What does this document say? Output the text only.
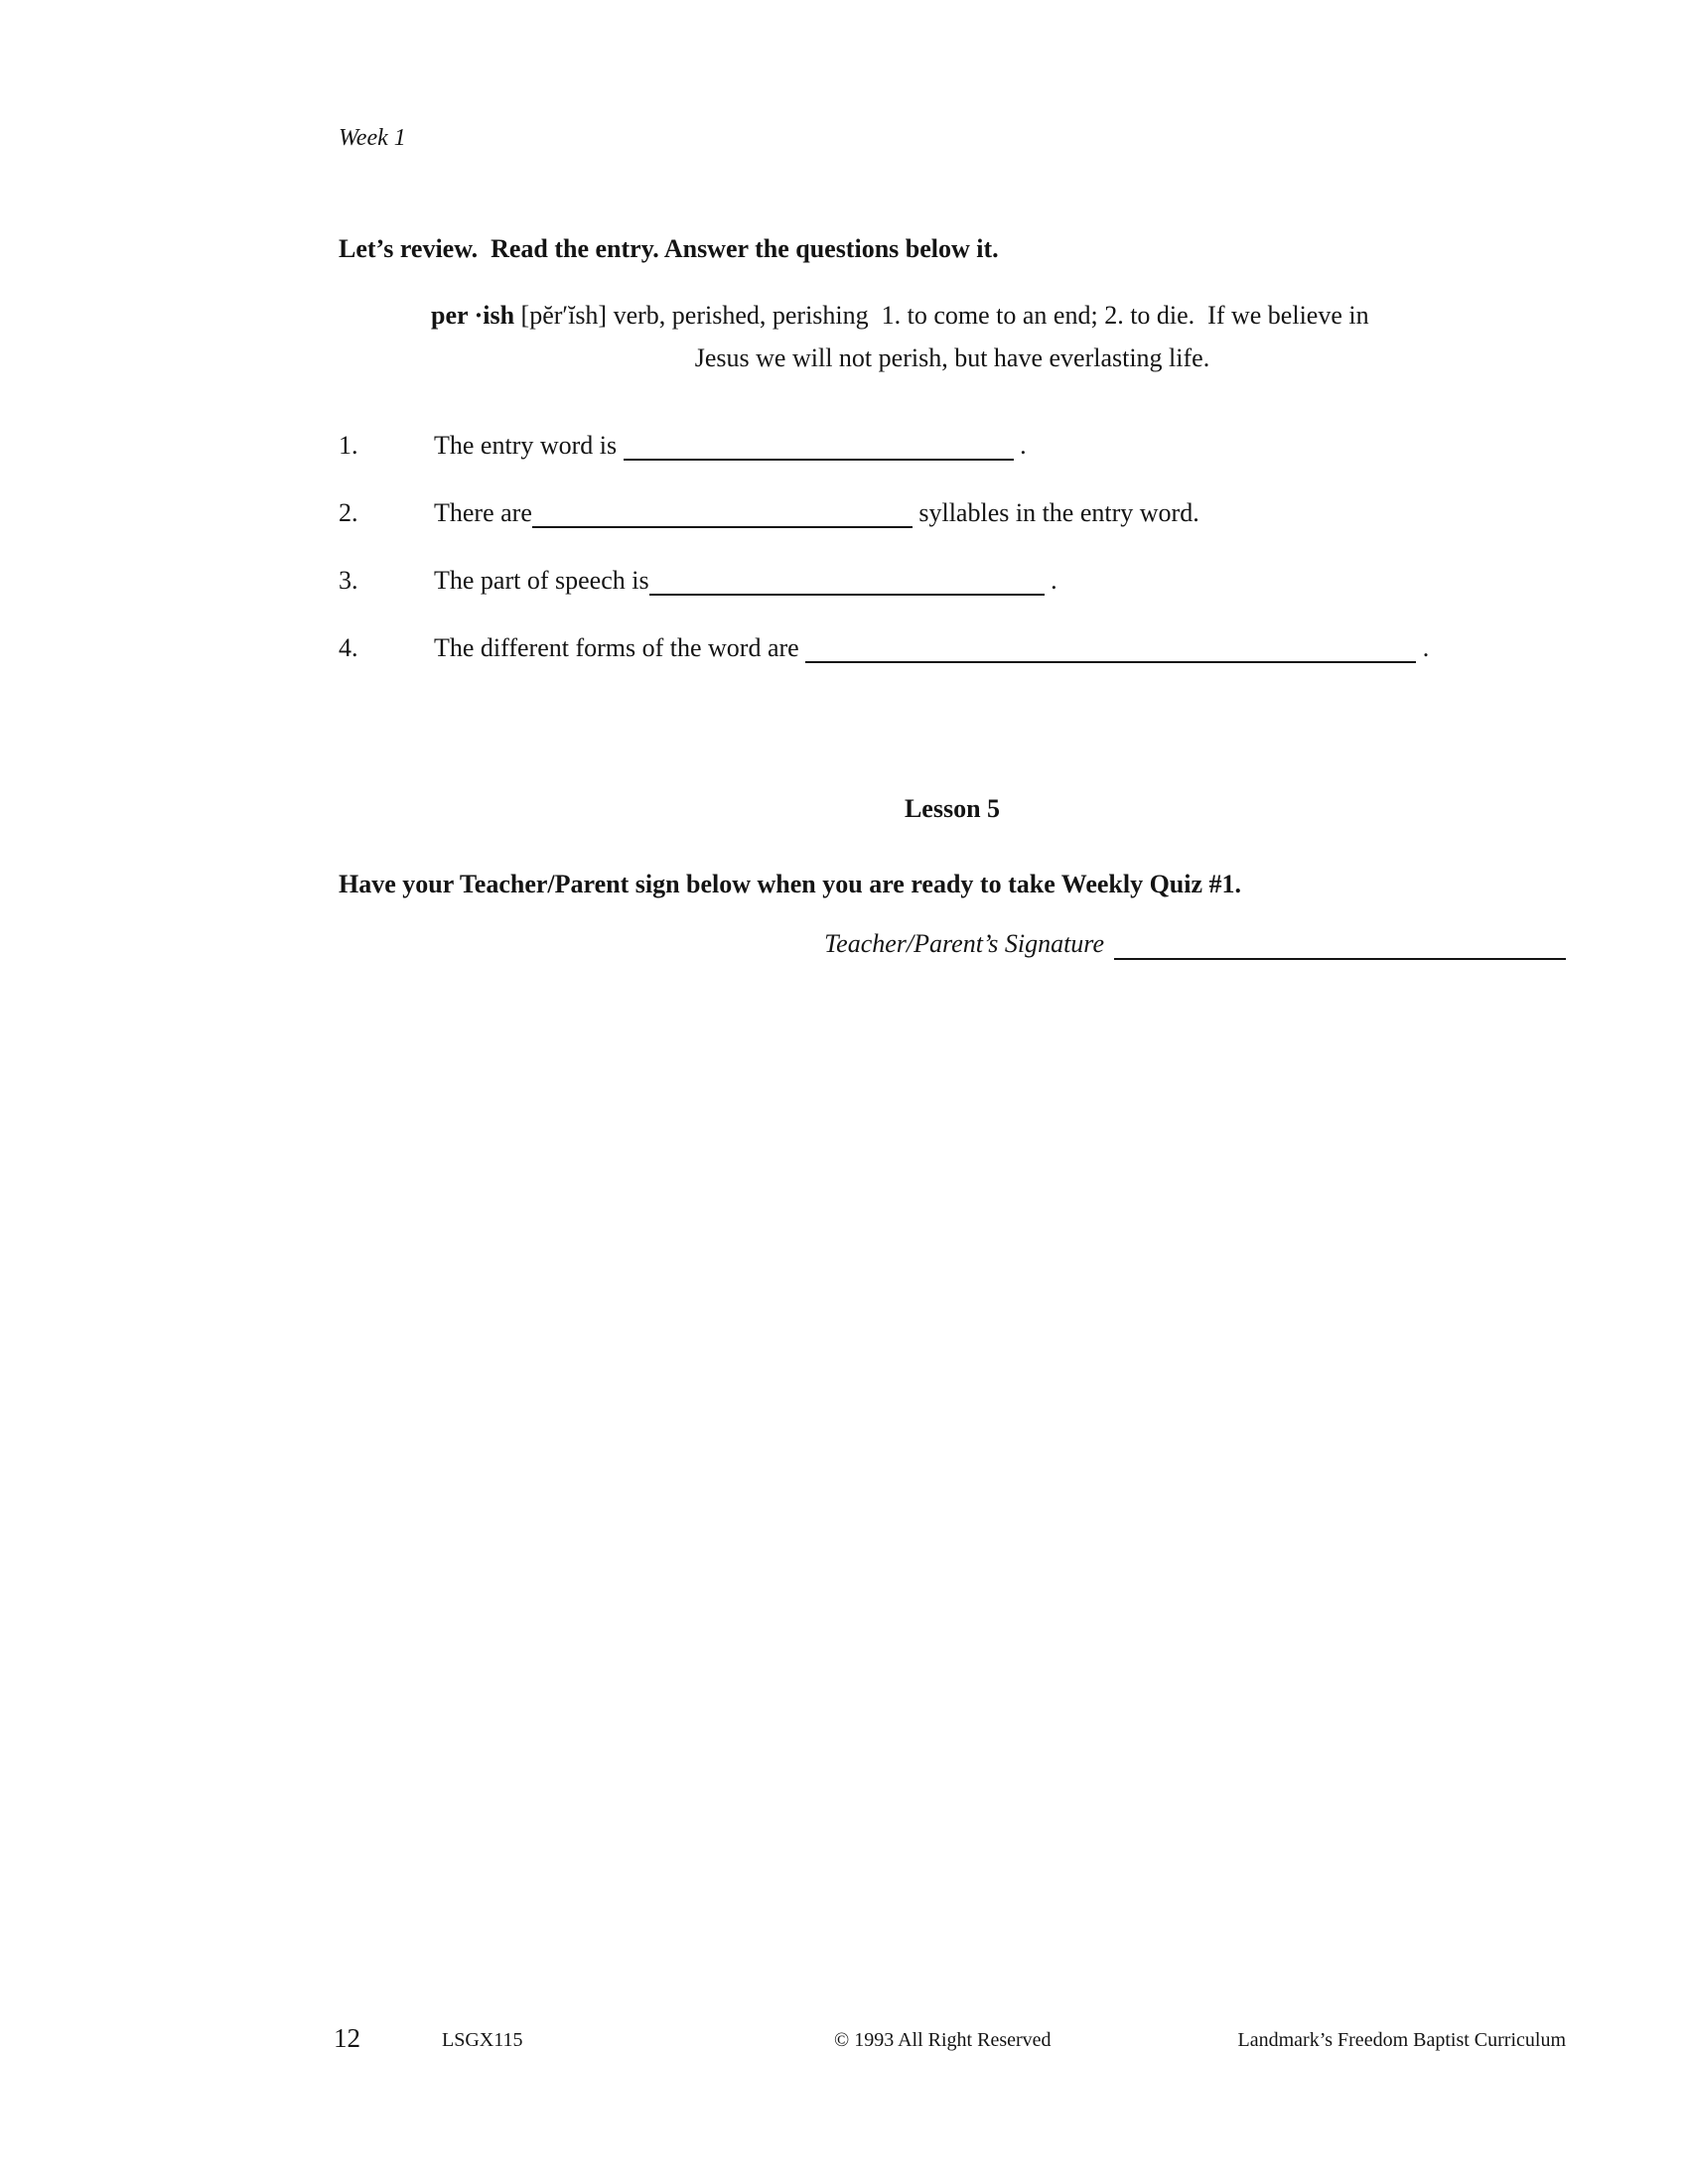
Week 1
Let’s review.  Read the entry. Answer the questions below it.
per ·ish [pĕr′ĭsh] verb, perished, perishing  1. to come to an end; 2. to die.  If we believe in
Jesus we will not perish, but have everlasting life.
1.	The entry word is	.
2.	There are	syllables in the entry word.
3.	The part of speech is	.
4.	The different forms of the word are	.
Lesson 5
Have your Teacher/Parent sign below when you are ready to take Weekly Quiz #1.
Teacher/Parent’s Signature
12	LSGX115	© 1993 All Right Reserved	Landmark’s Freedom Baptist Curriculum
